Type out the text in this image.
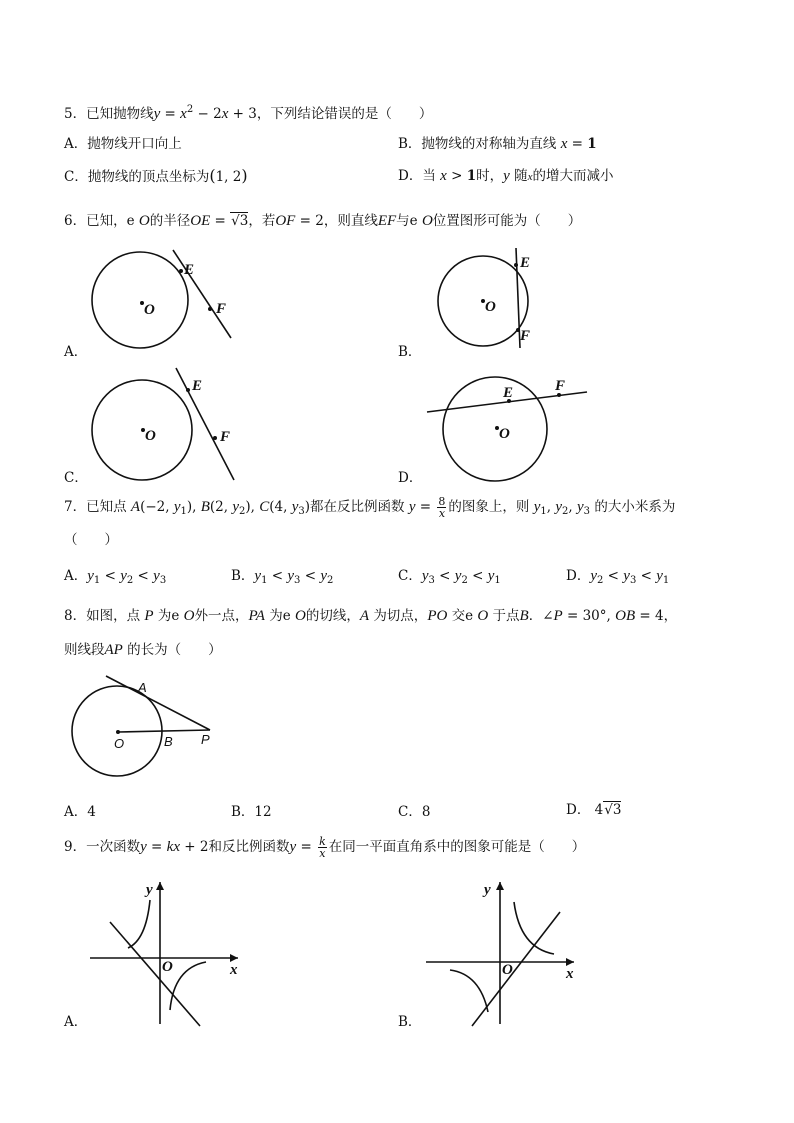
5．已知抛物线$y = x^2 - 2x + 3$，下列结论错误的是（　　）
A．抛物线开口向上	B．抛物线的对称轴为直线 x = 1
C．抛物线的顶点坐标为(1, 2)	D．当 x > 1时，y 随x的增大而减小
6．已知，e O的半径OE = √3，若OF = 2，则直线EF与e O位置图形可能为（　　）
O
E
F
A．
O
E
F
B．
O
E
F
C．
O
E	F
D．
7．已知点 A(−2, $y_1$), B(2, $y_2$), C(4, $y_3$)都在反比例函数 $y = \frac{8}{x}$ 的图象上，则 $y_1$, $y_2$, $y_3$ 的大小米系为
（　　）
A．$y_1 < y_2 < y_3$	B．$y_1 < y_3 < y_2$	C．$y_3 < y_2 < y_1$	D．$y_2 < y_3 < y_1$
8．如图，点 P 为e O外一点，PA 为e O的切线，A 为切点，PO 交e O 于点B．∠P = 30°, OB = 4，
则线段AP 的长为（　　）
O
A
B P
A．4	B．12	C．8	D． 4√3
9．一次函数y = kx + 2和反比例函数$y = \frac{k}{x}$ 在同一平面直角系中的图象可能是（　　）
x
y
O
A．
x
y
O
B．
